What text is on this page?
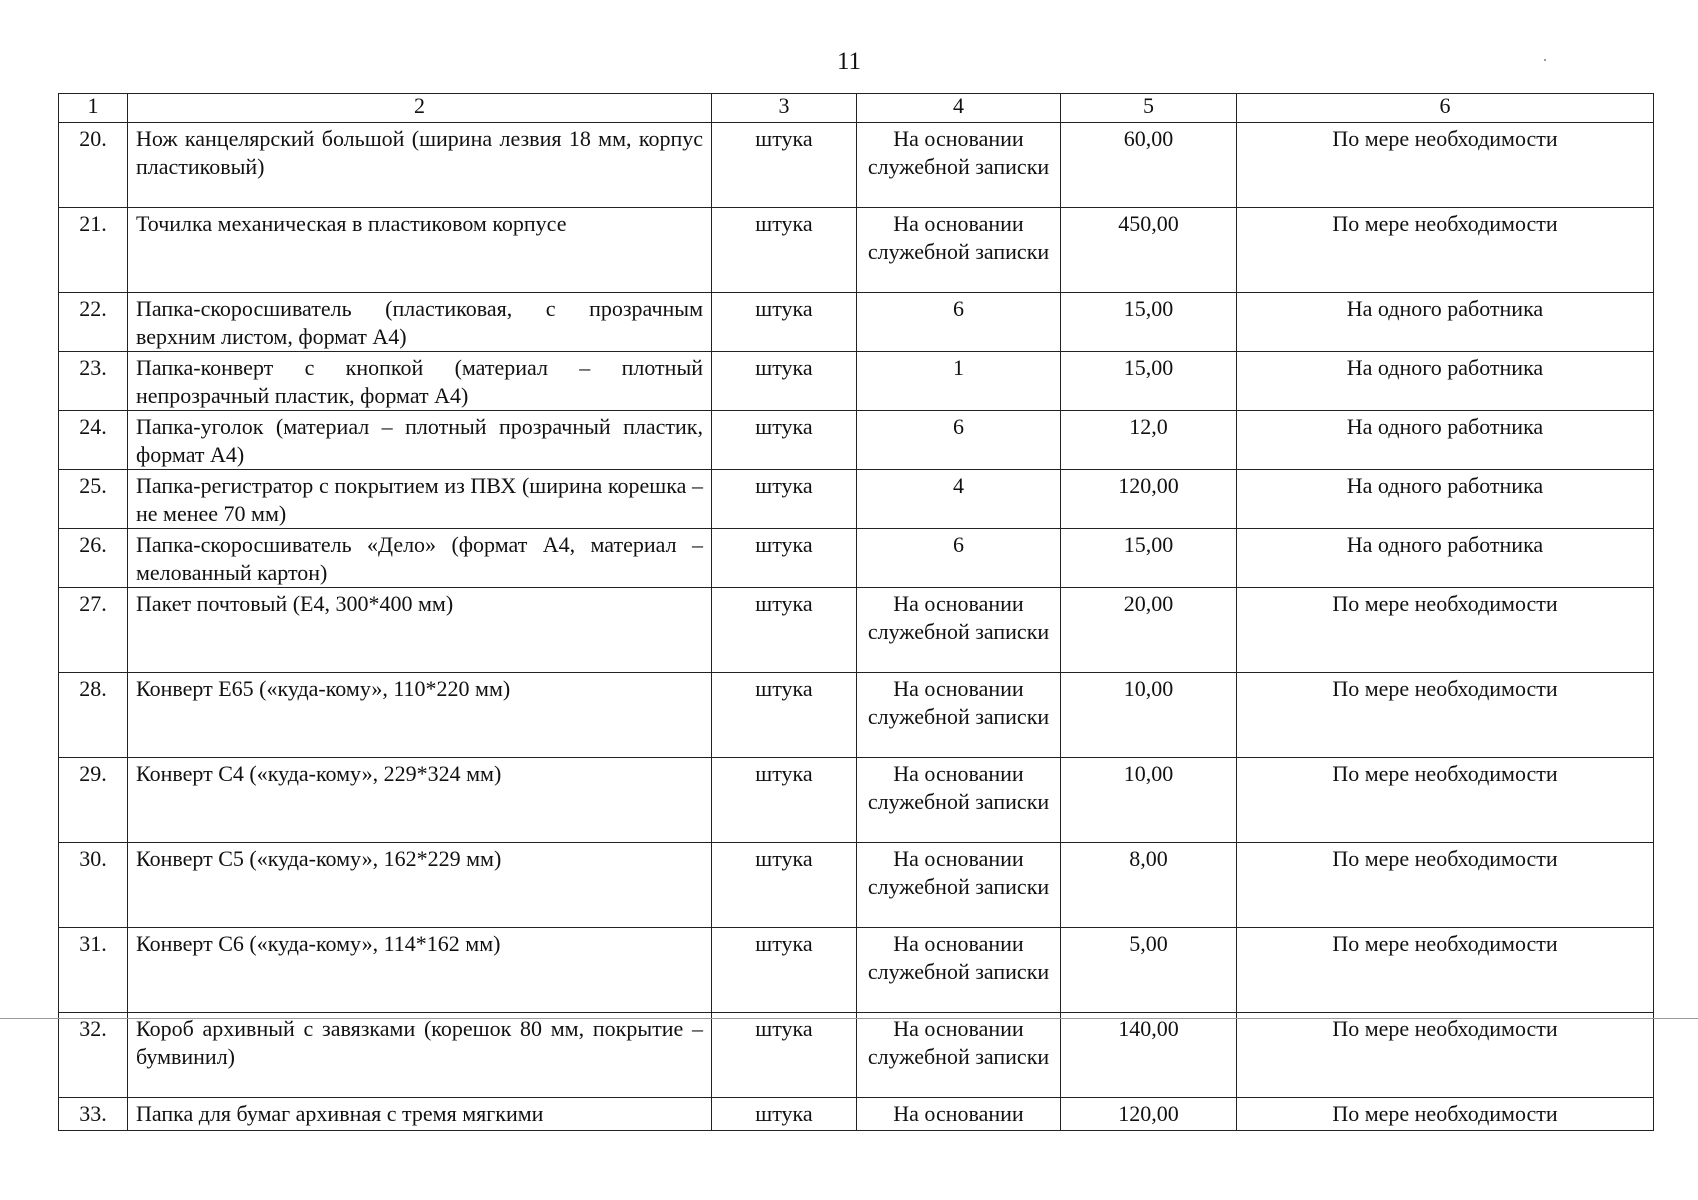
11
1	2	3	4	5	6
20.	Нож канцелярский большой (ширина лезвия 18 мм, корпус пластиковый)	штука	На основании служебной записки	60,00	По мере необходимости
21.	Точилка механическая в пластиковом корпусе	штука	На основании служебной записки	450,00	По мере необходимости
22.	Папка-скоросшиватель (пластиковая, с прозрачным верхним листом, формат А4)	штука	6	15,00	На одного работника
23.	Папка-конверт с кнопкой (материал – плотный непрозрачный пластик, формат А4)	штука	1	15,00	На одного работника
24.	Папка-уголок (материал – плотный прозрачный пластик, формат А4)	штука	6	12,0	На одного работника
25.	Папка-регистратор с покрытием из ПВХ (ширина корешка – не менее 70 мм)	штука	4	120,00	На одного работника
26.	Папка-скоросшиватель «Дело» (формат А4, материал – мелованный картон)	штука	6	15,00	На одного работника
27.	Пакет почтовый (Е4, 300*400 мм)	штука	На основании служебной записки	20,00	По мере необходимости
28.	Конверт Е65 («куда-кому», 110*220 мм)	штука	На основании служебной записки	10,00	По мере необходимости
29.	Конверт С4 («куда-кому», 229*324 мм)	штука	На основании служебной записки	10,00	По мере необходимости
30.	Конверт С5 («куда-кому», 162*229 мм)	штука	На основании служебной записки	8,00	По мере необходимости
31.	Конверт С6 («куда-кому», 114*162 мм)	штука	На основании служебной записки	5,00	По мере необходимости
32.	Короб архивный с завязками (корешок 80 мм, покрытие – бумвинил)	штука	На основании служебной записки	140,00	По мере необходимости
33.	Папка для бумаг архивная с тремя мягкими	штука	На основании	120,00	По мере необходимости
